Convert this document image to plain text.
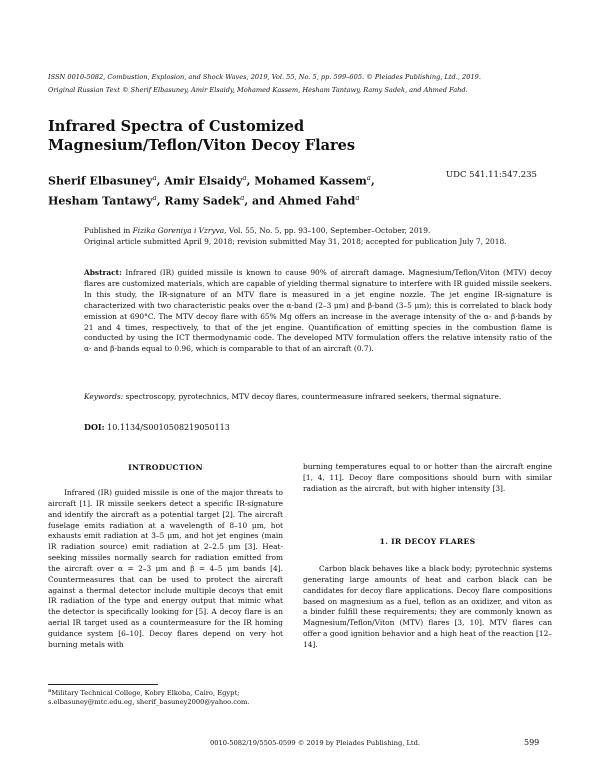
ISSN 0010-5082, Combustion, Explosion, and Shock Waves, 2019, Vol. 55, No. 5, pp. 599–605. © Pleiades Publishing, Ltd., 2019.
Original Russian Text © Sherif Elbasuney, Amir Elsaidy, Mohamed Kassem, Hesham Tantawy, Ramy Sadek, and Ahmed Fahd.
Infrared Spectra of Customized
Magnesium/Teflon/Viton Decoy Flares
Sherif Elbasuney$^a$, Amir Elsaidy$^a$, Mohamed Kassem$^a$,
Hesham Tantawy$^a$, Ramy Sadek$^a$, and Ahmed Fahd$^a$
UDC 541.11:547.235
Published in Fizika Goreniya i Vzryva, Vol. 55, No. 5, pp. 93–100, September–October, 2019.
Original article submitted April 9, 2018; revision submitted May 31, 2018; accepted for publication July 7, 2018.
Abstract: Infrared (IR) guided missile is known to cause 90% of aircraft damage. Magnesium/Teflon/Viton (MTV) decoy flares are customized materials, which are capable of yielding thermal signature to interfere with IR guided missile seekers. In this study, the IR-signature of an MTV flare is measured in a jet engine nozzle. The jet engine IR-signature is characterized with two characteristic peaks over the α-band (2–3 μm) and β-band (3–5 μm); this is correlated to black body emission at 690°C. The MTV decoy flare with 65% Mg offers an increase in the average intensity of the α- and β-bands by 21 and 4 times, respectively, to that of the jet engine. Quantification of emitting species in the combustion flame is conducted by using the ICT thermodynamic code. The developed MTV formulation offers the relative intensity ratio of the α- and β-bands equal to 0.96, which is comparable to that of an aircraft (0.7).
Keywords: spectroscopy, pyrotechnics, MTV decoy flares, countermeasure infrared seekers, thermal signature.
DOI: 10.1134/S0010508219050113
INTRODUCTION

Infrared (IR) guided missile is one of the major threats to aircraft [1]. IR missile seekers detect a specific IR-signature and identify the aircraft as a potential target [2]. The aircraft fuselage emits radiation at a wavelength of 8–10 μm, hot exhausts emit radiation at 3–5 μm, and hot jet engines (main IR radiation source) emit radiation at 2–2.5 μm [3]. Heat-seeking missiles normally search for radiation emitted from the aircraft over α = 2–3 μm and β = 4–5 μm bands [4]. Countermeasures that can be used to protect the aircraft against a thermal detector include multiple decoys that emit IR radiation of the type and energy output that mimic what the detector is specifically looking for [5]. A decoy flare is an aerial IR target used as a countermeasure for the IR homing guidance system [6–10]. Decoy flares depend on very hot burning metals with

burning temperatures equal to or hotter than the aircraft engine [1, 4, 11]. Decoy flare compositions should burn with similar radiation as the aircraft, but with higher intensity [3].

1. IR DECOY FLARES

Carbon black behaves like a black body; pyrotechnic systems generating large amounts of heat and carbon black can be candidates for decoy flare applications. Decoy flare compositions based on magnesium as a fuel, teflon as an oxidizer, and viton as a binder fulfill these requirements; they are commonly known as Magnesium/Teflon/Viton (MTV) flares [3, 10]. MTV flares can offer a good ignition behavior and a high heat of the reaction [12–14].

$^a$Military Technical College, Kobry Elkoba, Cairo, Egypt;
s.elbasuney@mtc.edu.eg, sherif_basuney2000@yahoo.com.
0010-5082/19/5505-0599 © 2019 by Pleiades Publishing, Ltd.	599
